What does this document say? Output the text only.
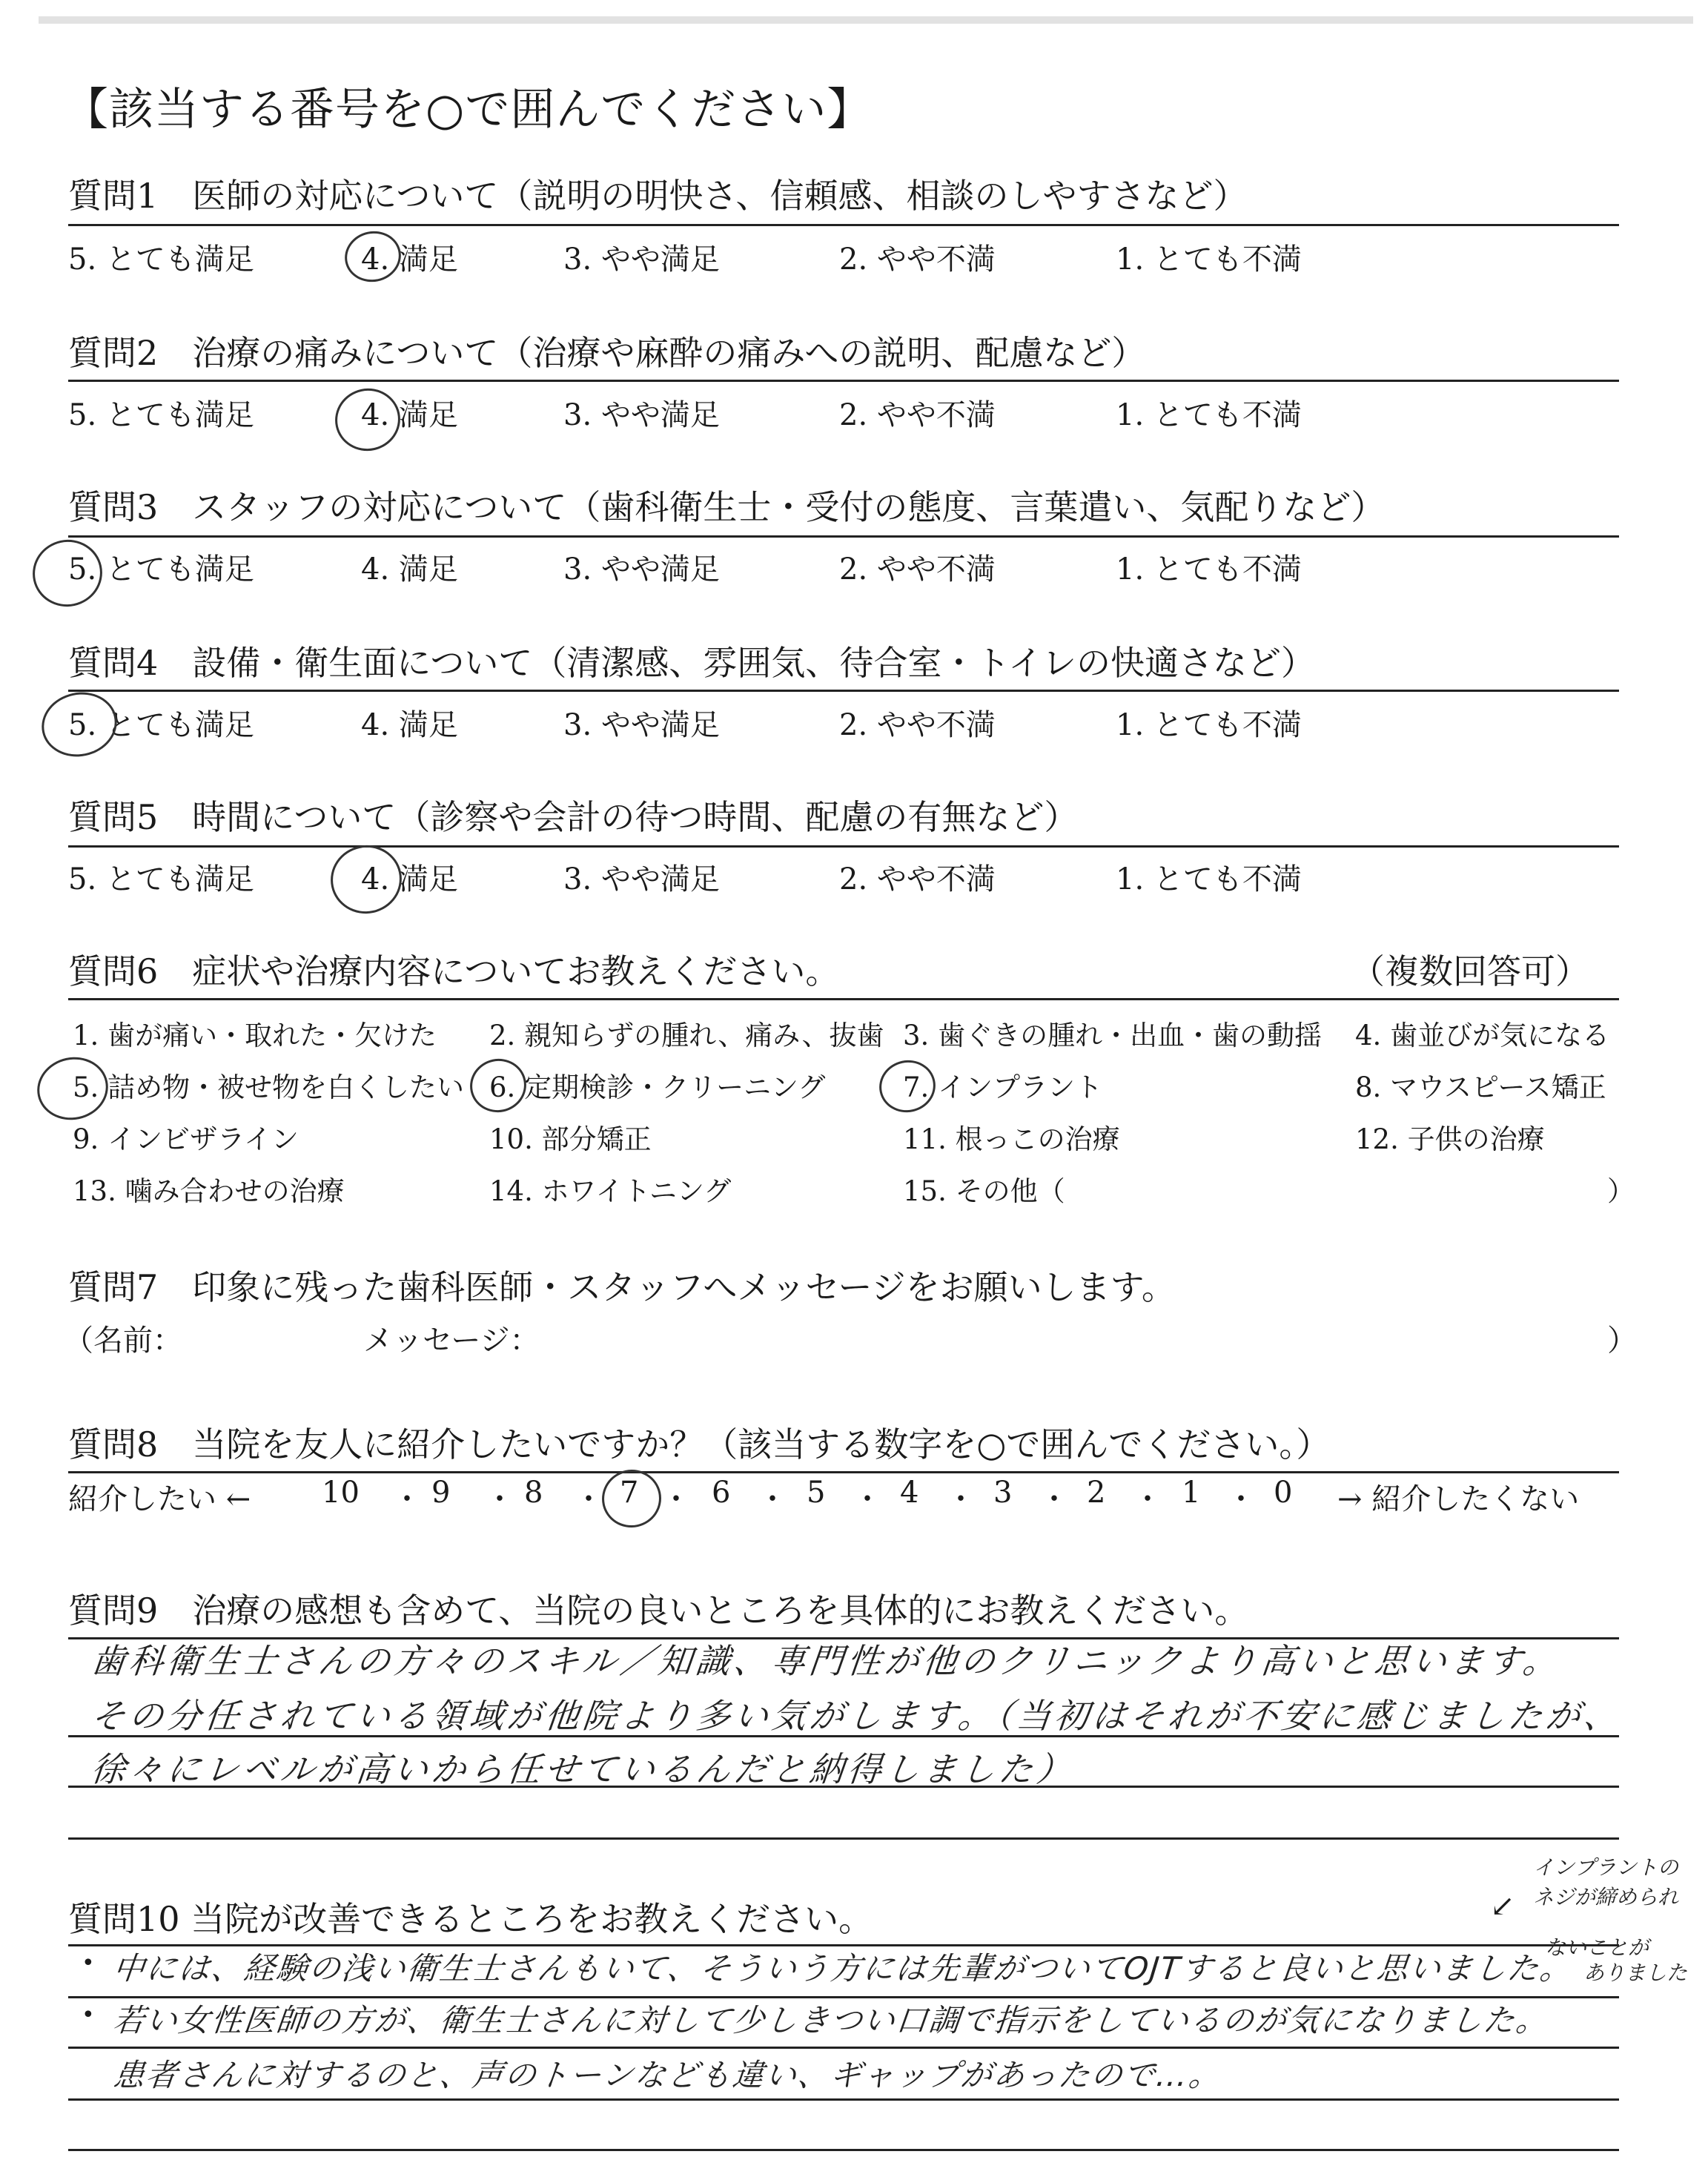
【該当する番号を○で囲んでください】
質問1　医師の対応について（説明の明快さ、信頼感、相談のしやすさなど）
5. とても満足	4. 満足	3. やや満足	2. やや不満	1. とても不満
質問2　治療の痛みについて（治療や麻酔の痛みへの説明、配慮など）
5. とても満足	4. 満足	3. やや満足	2. やや不満	1. とても不満
質問3　スタッフの対応について（歯科衛生士・受付の態度、言葉遣い、気配りなど）
5. とても満足	4. 満足	3. やや満足	2. やや不満	1. とても不満
質問4　設備・衛生面について（清潔感、雰囲気、待合室・トイレの快適さなど）
5. とても満足	4. 満足	3. やや満足	2. やや不満	1. とても不満
質問5　時間について（診察や会計の待つ時間、配慮の有無など）
5. とても満足	4. 満足	3. やや満足	2. やや不満	1. とても不満
質問6　症状や治療内容についてお教えください。	（複数回答可）
1. 歯が痛い・取れた・欠けた 2. 親知らずの腫れ、痛み、抜歯 3. 歯ぐきの腫れ・出血・歯の動揺 4. 歯並びが気になる
5. 詰め物・被せ物を白くしたい 6. 定期検診・クリーニング	7. インプラント	8. マウスピース矯正
9. インビザライン	10. 部分矯正	11. 根っこの治療	12. 子供の治療
13. 噛み合わせの治療	14. ホワイトニング	15. その他（	）
質問7　印象に残った歯科医師・スタッフへメッセージをお願いします。
（名前：	メッセージ：	）
質問8　当院を友人に紹介したいですか？（該当する数字を○で囲んでください。）
紹介したい ← 10 ・ 9 ・ 8 ・ 7 ・ 6 ・ 5 ・ 4 ・ 3 ・ 2 ・ 1 ・ 0 → 紹介したくない
質問9　治療の感想も含めて、当院の良いところを具体的にお教えください。
歯科衛生士さんの方々のスキル／知識、専門性が他のクリニックより高いと思います。
その分任されている領域が他院より多い気がします。（当初はそれが不安に感じましたが、
徐々にレベルが高いから任せているんだと納得しました）
質問10 当院が改善できるところをお教えください。
•
•
中には、経験の浅い衛生士さんもいて、そういう方には先輩がついてOJTすると良いと思いました。
若い女性医師の方が、衛生士さんに対して少しきつい口調で指示をしているのが気になりました。
患者さんに対するのと、声のトーンなども違い、ギャップがあったので…。
↙
インプラントの
ネジが締められ
ないことが
ありました
